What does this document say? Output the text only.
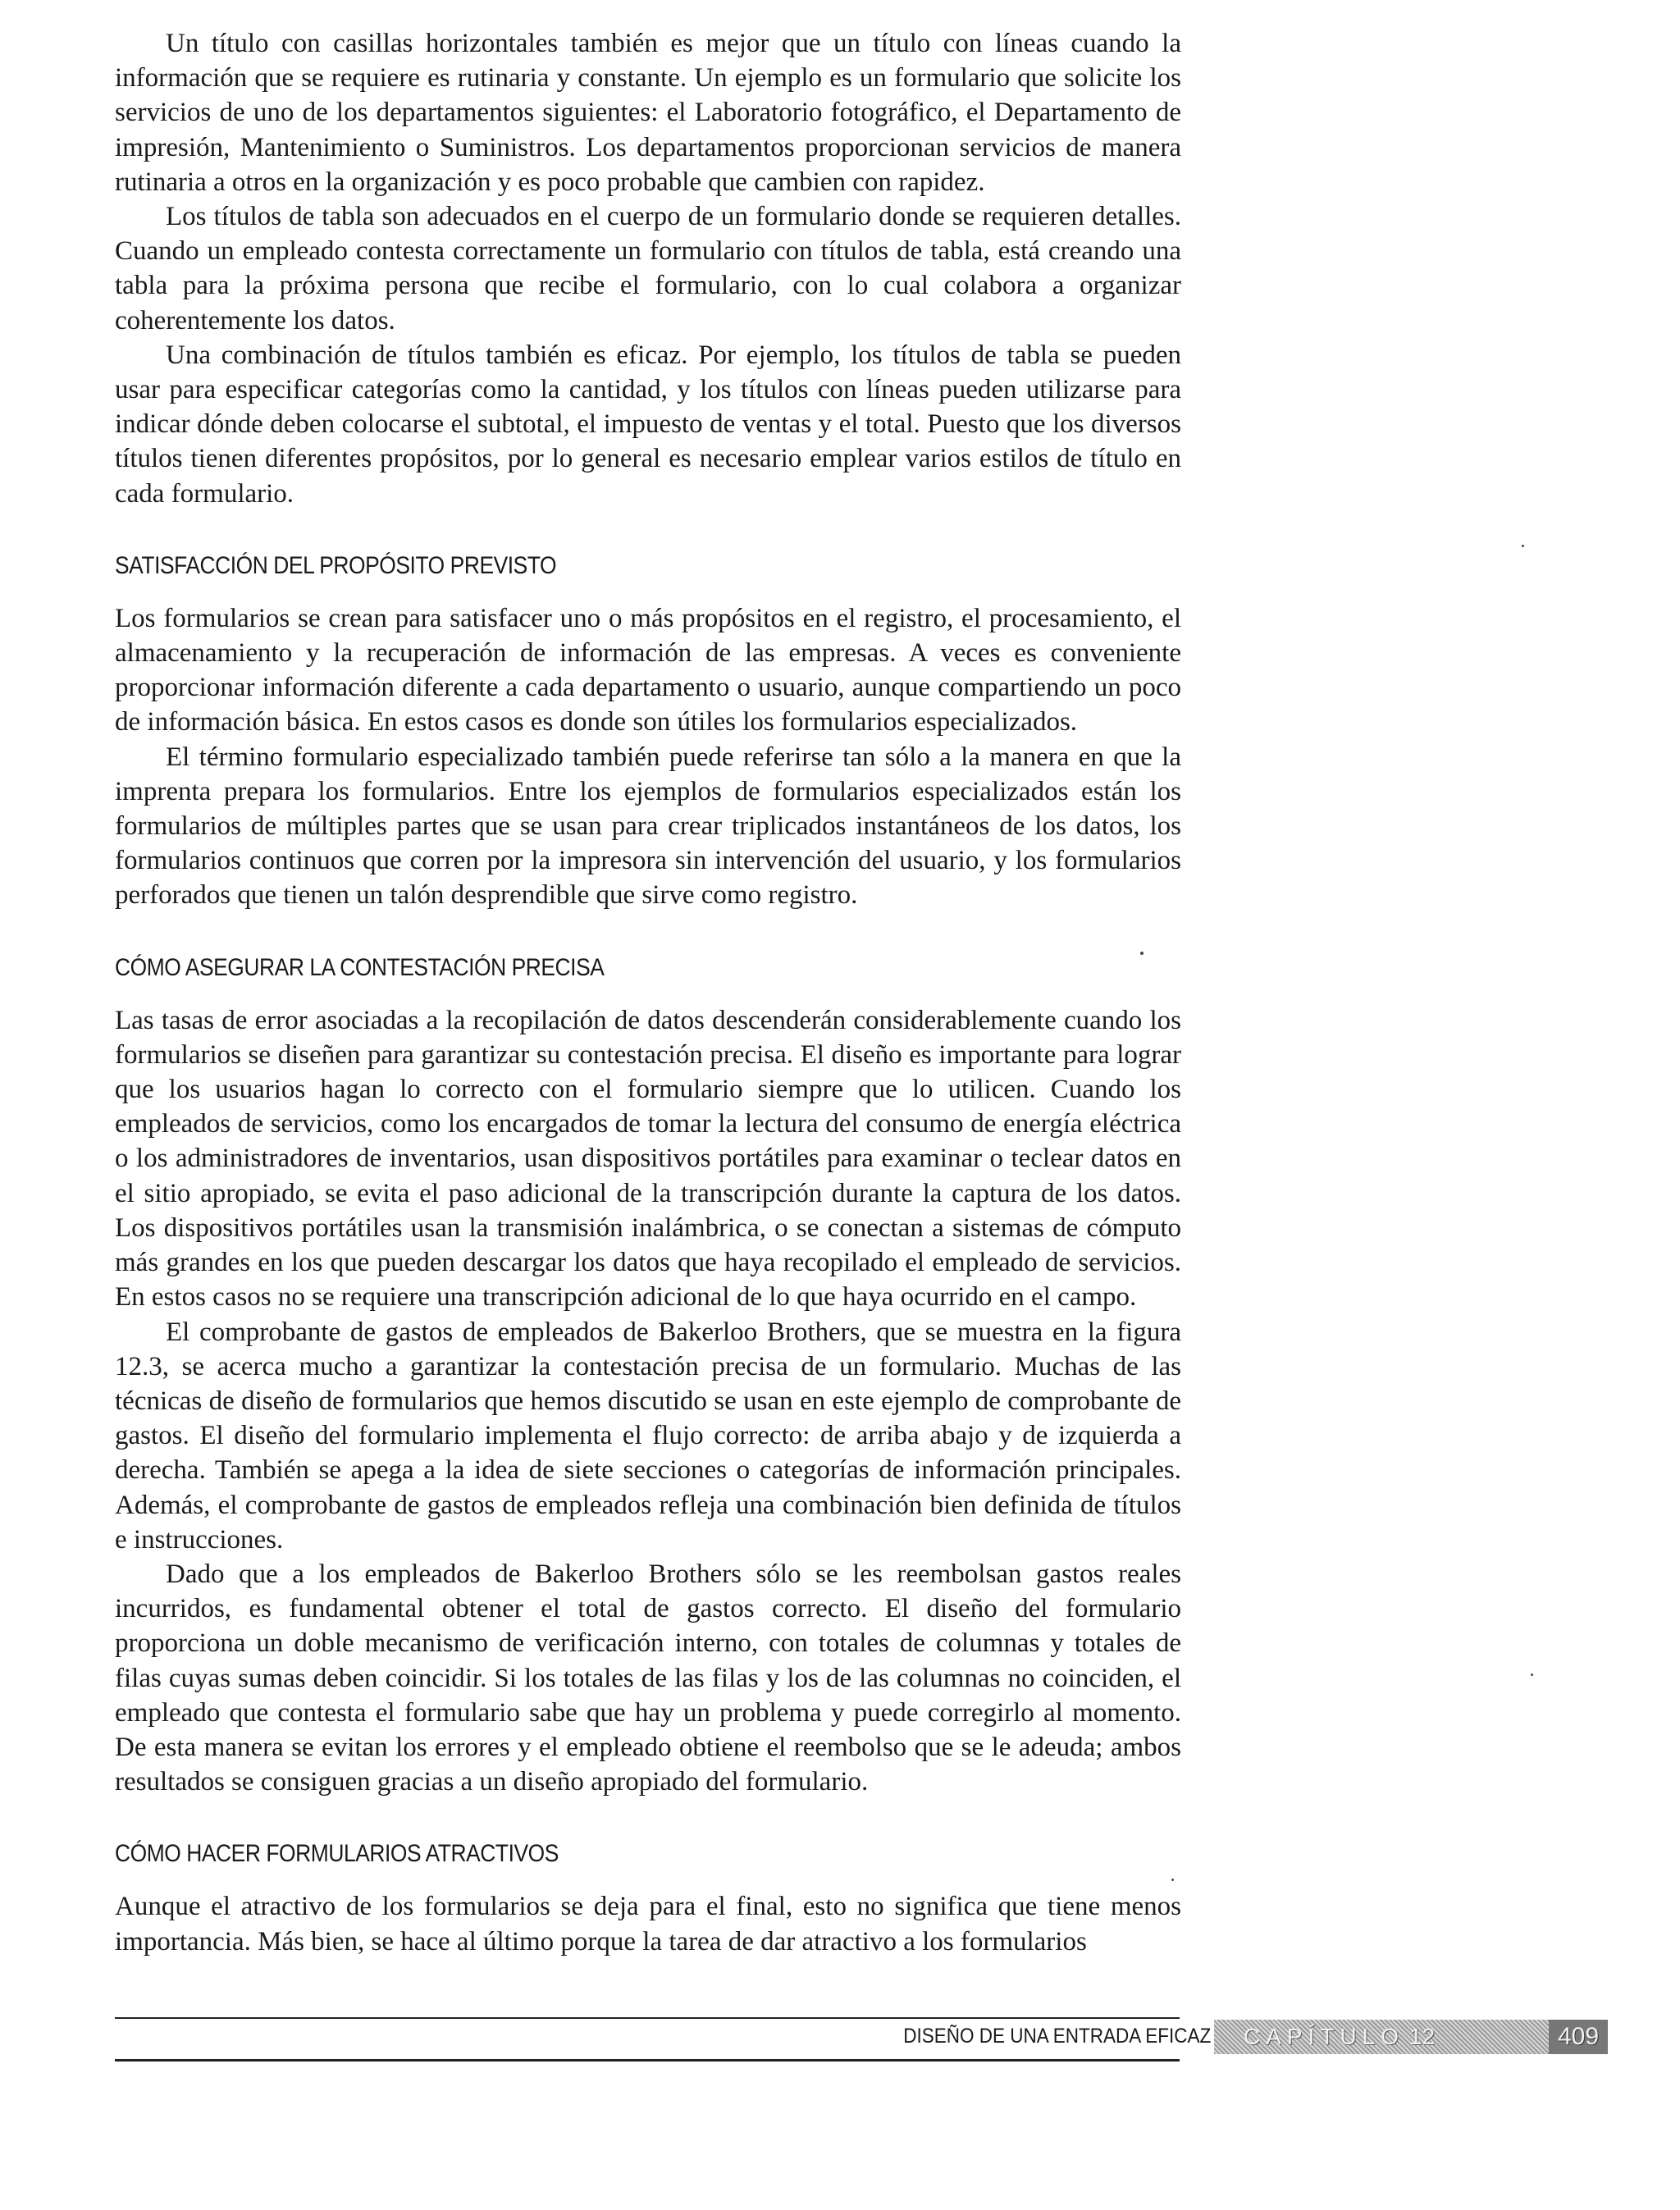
Un título con casillas horizontales también es mejor que un título con líneas cuando la información que se requiere es rutinaria y constante. Un ejemplo es un formulario que solicite los servicios de uno de los departamentos siguientes: el Laboratorio fotográfico, el Departamento de impresión, Mantenimiento o Suministros. Los departamentos proporcionan servicios de manera rutinaria a otros en la organización y es poco probable que cambien con rapidez.

Los títulos de tabla son adecuados en el cuerpo de un formulario donde se requieren detalles. Cuando un empleado contesta correctamente un formulario con títulos de tabla, está creando una tabla para la próxima persona que recibe el formulario, con lo cual colabora a organizar coherentemente los datos.

Una combinación de títulos también es eficaz. Por ejemplo, los títulos de tabla se pueden usar para especificar categorías como la cantidad, y los títulos con líneas pueden utilizarse para indicar dónde deben colocarse el subtotal, el impuesto de ventas y el total. Puesto que los diversos títulos tienen diferentes propósitos, por lo general es necesario emplear varios estilos de título en cada formulario.

SATISFACCIÓN DEL PROPÓSITO PREVISTO

Los formularios se crean para satisfacer uno o más propósitos en el registro, el procesamiento, el almacenamiento y la recuperación de información de las empresas. A veces es conveniente proporcionar información diferente a cada departamento o usuario, aunque compartiendo un poco de información básica. En estos casos es donde son útiles los formularios especializados.

El término formulario especializado también puede referirse tan sólo a la manera en que la imprenta prepara los formularios. Entre los ejemplos de formularios especializados están los formularios de múltiples partes que se usan para crear triplicados instantáneos de los datos, los formularios continuos que corren por la impresora sin intervención del usuario, y los formularios perforados que tienen un talón desprendible que sirve como registro.

CÓMO ASEGURAR LA CONTESTACIÓN PRECISA

Las tasas de error asociadas a la recopilación de datos descenderán considerablemente cuando los formularios se diseñen para garantizar su contestación precisa. El diseño es importante para lograr que los usuarios hagan lo correcto con el formulario siempre que lo utilicen. Cuando los empleados de servicios, como los encargados de tomar la lectura del consumo de energía eléctrica o los administradores de inventarios, usan dispositivos portátiles para examinar o teclear datos en el sitio apropiado, se evita el paso adicional de la transcripción durante la captura de los datos. Los dispositivos portátiles usan la transmisión inalámbrica, o se conectan a sistemas de cómputo más grandes en los que pueden descargar los datos que haya recopilado el empleado de servicios. En estos casos no se requiere una transcripción adicional de lo que haya ocurrido en el campo.

El comprobante de gastos de empleados de Bakerloo Brothers, que se muestra en la figura 12.3, se acerca mucho a garantizar la contestación precisa de un formulario. Muchas de las técnicas de diseño de formularios que hemos discutido se usan en este ejemplo de comprobante de gastos. El diseño del formulario implementa el flujo correcto: de arriba abajo y de izquierda a derecha. También se apega a la idea de siete secciones o categorías de información principales. Además, el comprobante de gastos de empleados refleja una combinación bien definida de títulos e instrucciones.

Dado que a los empleados de Bakerloo Brothers sólo se les reembolsan gastos reales incurridos, es fundamental obtener el total de gastos correcto. El diseño del formulario proporciona un doble mecanismo de verificación interno, con totales de columnas y totales de filas cuyas sumas deben coincidir. Si los totales de las filas y los de las columnas no coinciden, el empleado que contesta el formulario sabe que hay un problema y puede corregirlo al momento. De esta manera se evitan los errores y el empleado obtiene el reembolso que se le adeuda; ambos resultados se consiguen gracias a un diseño apropiado del formulario.

CÓMO HACER FORMULARIOS ATRACTIVOS

Aunque el atractivo de los formularios se deja para el final, esto no significa que tiene menos importancia. Más bien, se hace al último porque la tarea de dar atractivo a los formularios

DISEÑO DE UNA ENTRADA EFICAZ CAPÍTULO 12	409
